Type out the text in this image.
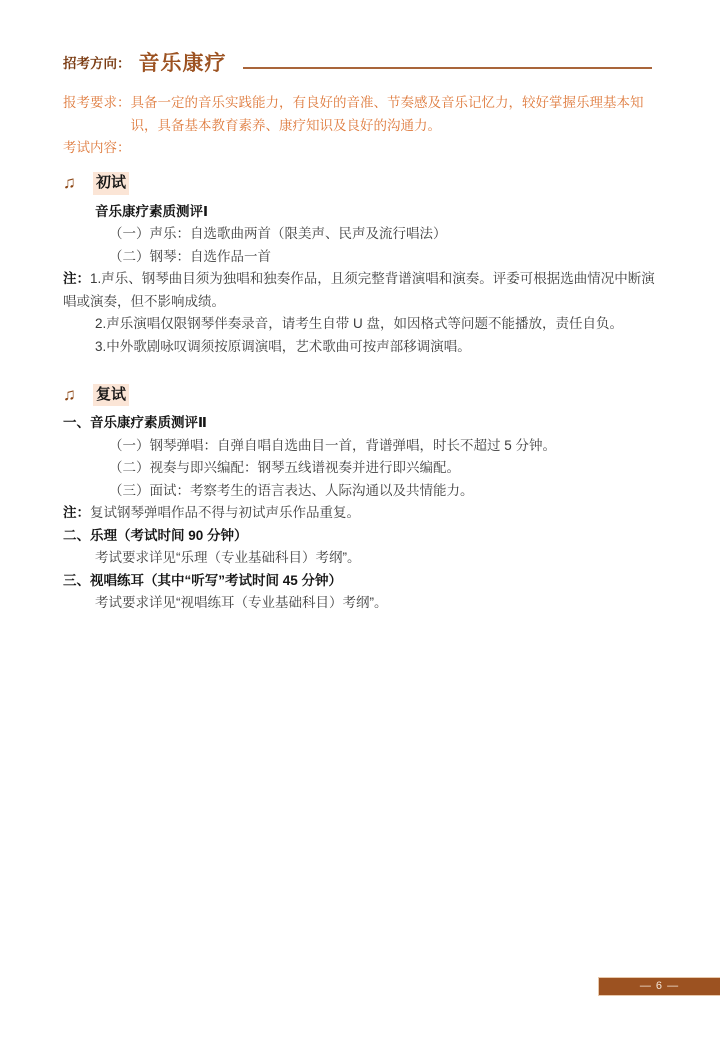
招考方向： 音乐康疗
报考要求： 具备一定的音乐实践能力，有良好的音准、节奏感及音乐记忆力，较好掌握乐理基本知识，具备基本教育素养、康疗知识及良好的沟通力。
考试内容：
♫	初试
音乐康疗素质测评Ⅰ
（一）声乐：自选歌曲两首（限美声、民声及流行唱法）
（二）钢琴：自选作品一首

注：1.声乐、钢琴曲目须为独唱和独奏作品，且须完整背谱演唱和演奏。评委可根据选曲情况中断演唱或演奏，但不影响成绩。

2.声乐演唱仅限钢琴伴奏录音，请考生自带 U 盘，如因格式等问题不能播放，责任自负。
3.中外歌剧咏叹调须按原调演唱，艺术歌曲可按声部移调演唱。
♫	复试
一、音乐康疗素质测评Ⅱ
（一）钢琴弹唱：自弹自唱自选曲目一首，背谱弹唱，时长不超过 5 分钟。
（二）视奏与即兴编配：钢琴五线谱视奏并进行即兴编配。
（三）面试：考察考生的语言表达、人际沟通以及共情能力。

注：复试钢琴弹唱作品不得与初试声乐作品重复。

二、乐理（考试时间 90 分钟）
考试要求详见“乐理（专业基础科目）考纲”。
三、视唱练耳（其中“听写”考试时间 45 分钟）
考试要求详见“视唱练耳（专业基础科目）考纲”。
— 6 —
